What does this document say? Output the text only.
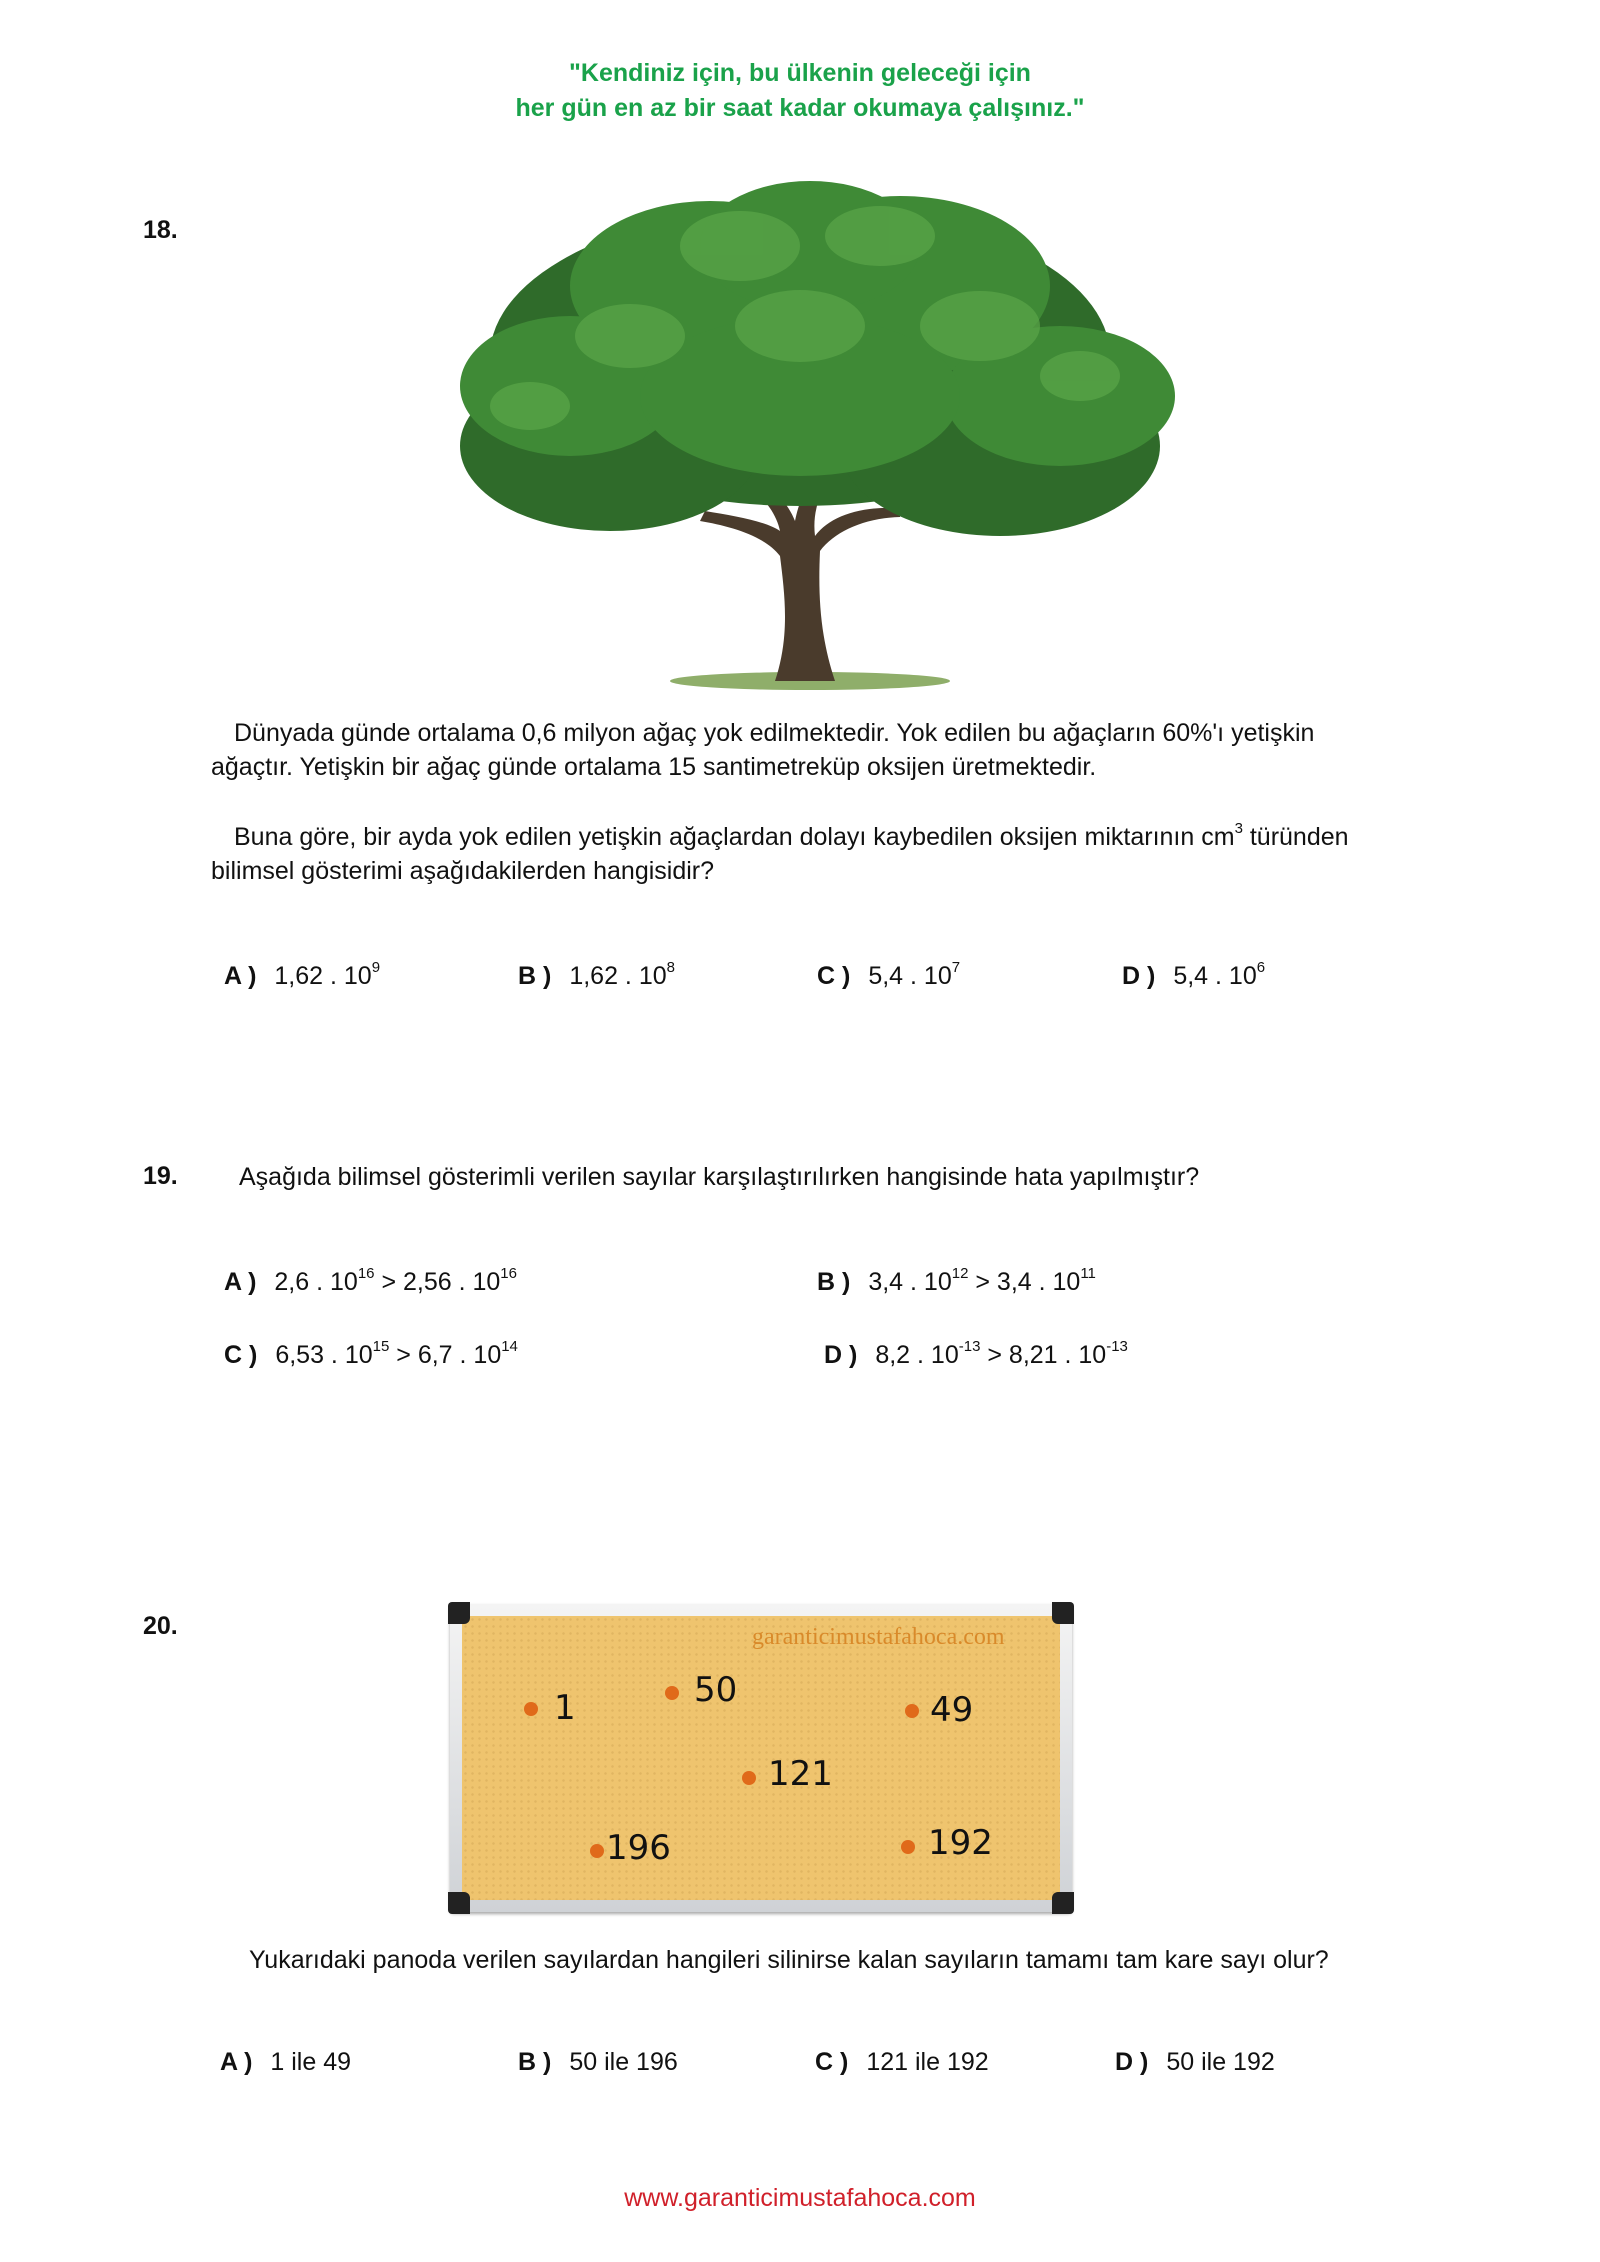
"Kendiniz için, bu ülkenin geleceği için
her gün en az bir saat kadar okumaya çalışınız."
18.
Dünyada günde ortalama 0,6 milyon ağaç yok edilmektedir. Yok edilen bu ağaçların 60%'ı yetişkin
ağaçtır. Yetişkin bir ağaç günde ortalama 15 santimetreküp oksijen üretmektedir.
Buna göre, bir ayda yok edilen yetişkin ağaçlardan dolayı kaybedilen oksijen miktarının $cm^3$ türünden
bilimsel gösterimi aşağıdakilerden hangisidir?
A ) 1,62 . $10^9$	B ) 1,62 . $10^8$	C ) 5,4 . $10^7$	D ) 5,4 . $10^6$
19. Aşağıda bilimsel gösterimli verilen sayılar karşılaştırılırken hangisinde hata yapılmıştır?
A ) 2,6 . $10^{16} > 2,56$ . $10^{16}$	B ) 3,4 . $10^{12} > 3,4$ . $10^{11}$
C ) 6,53 . $10^{15} > 6,7$ . $10^{14}$	D ) 8,2 . $10^{-13} > 8,21$ . $10^{-13}$
20.	garanticimustafahoca.com
1	50	49
121
196	192
Yukarıdaki panoda verilen sayılardan hangileri silinirse kalan sayıların tamamı tam kare sayı olur?
A ) 1 ile 49	B ) 50 ile 196	C ) 121 ile 192	D ) 50 ile 192
www.garanticimustafahoca.com
